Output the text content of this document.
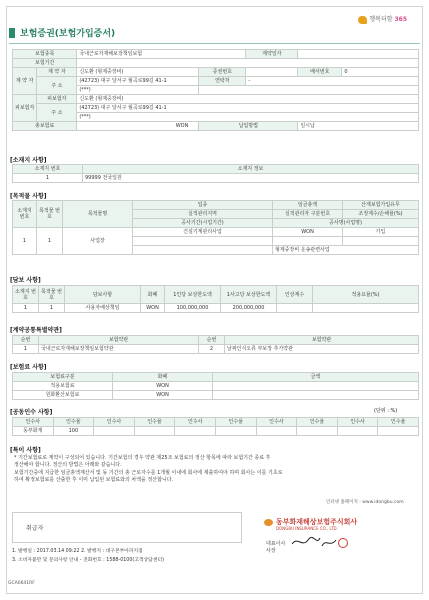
행복더함 365
보험증권(보험가입증서)
보험종목		국내근로자재해보장책임보험		계약일자		
보험기간						
계 약 자	계 약 자	신도환 (형제중장비)	증권번호		배서번호	0
	주 소	(42723) 대구 달서구 월곡로99길 41-1	연락처	-		
		(***)				
피보험자	피보험자	신도환 (형제중장비)				
	주 소	(42723) 대구 달서구 월곡로99길 41-1				
		(***)				
총보험료		WON	납입방법		일시납	
[소재지 사항]
소재지 번호	소재지 정보
1	99999 전국일원
[목적물 사항]
소재지 번호	목적물 번호	목적물명	업종	임금총액	산재보험가입유무
			실적관리지역	실적관리자 구분번호	조정계수/손해율(%)
			공사기간(시업기간)	공사명(사업명)	
1	1	사업장	건설기계관리사업	WON	가입

				형제중장비 운송관련사업	
[담보 사항]
소재지 번호	목적물 번호	담보사항	화폐	1인당 보상한도액	1사고당 보상한도액	인상계수	적용요율(%)
1	1	사용자배상책임	WON	100,000,000	200,000,000		
[계약공통특별약관]
순번	보험약관	순번	보험약관
1	국내근로자재해보장책임보험약관	2	날짜인식오류 부보장 추가약관
[보험료 사항]
보험료구분	화폐	금액
적용보험료	WON	
원화환산보험료	WON	
[공동인수 사항]	(단위 : %)
인수사	인수율	인수사	인수율	인수사	인수율	인수사	인수율	인수사	인수율
동부화재	100								
[특이 사항]
* 기간보험료로 계약이 구성되어 있습니다. 기간보험의 경우 약관 제25조 보험료의 정산 항목에 따라 보험기간 종료 후
정산해야 합니다. 정산의 방법은 아래와 같습니다.
보험기간중에 지급한 임금총액계산서 및 동 기간의 총 근로자수를 1개월 이내에 회사에 제출하여야 하며 회사는 이를 기초로
하여 확정보험료를 산출한 후 이미 납입된 보험료와의 차액을 정산합니다.
인터넷 홈페이지 : www.idongbu.com
취급자
동부화재해상보험주식회사
DONGBU INSURANCE CO., LTD.
대표이사
사장
1. 발행일 : 2017.03.14 09:22 2. 발행지 : 대구본부아파지점
3. 소비자불만 및 문의사항 안내 - 전화번호 : 1588-0100(고객상담센터)
GCA0641RF
